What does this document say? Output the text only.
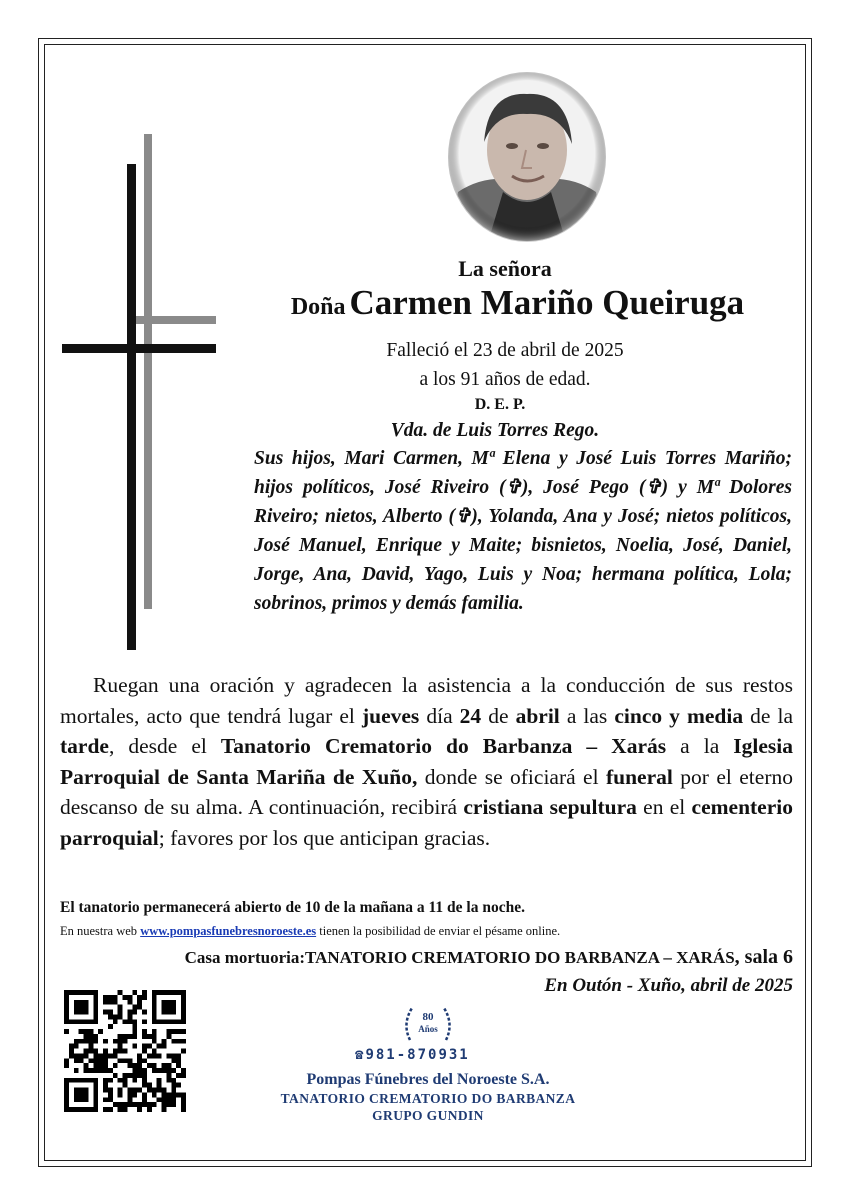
La señora
Doña Carmen Mariño Queiruga
Falleció el 23 de abril de 2025
a los 91 años de edad.
D. E. P.
Vda. de Luis Torres Rego.
Sus hijos, Mari Carmen, Mª Elena y José Luis Torres Mariño; hijos políticos, José Riveiro (✞), José Pego (✞) y Mª Dolores Riveiro; nietos, Alberto (✞), Yolanda, Ana y José; nietos políticos, José Manuel, Enrique y Maite; bisnietos, Noelia, José, Daniel, Jorge, Ana, David, Yago, Luis y Noa; hermana política, Lola; sobrinos, primos y demás familia.
Ruegan una oración y agradecen la asistencia a la conducción de sus restos mortales, acto que tendrá lugar el jueves día 24 de abril a las cinco y media de la tarde, desde el Tanatorio Crematorio do Barbanza – Xarás a la Iglesia Parroquial de Santa Mariña de Xuño, donde se oficiará el funeral por el eterno descanso de su alma. A continuación, recibirá cristiana sepultura en el cementerio parroquial; favores por los que anticipan gracias.
El tanatorio permanecerá abierto de 10 de la mañana a 11 de la noche.
En nuestra web www.pompasfunebresnoroeste.es tienen la posibilidad de enviar el pésame online.
Casa mortuoria:TANATORIO CREMATORIO DO BARBANZA – XARÁS, sala 6
En Outón - Xuño, abril de 2025
80
Años
☎981-870931
Pompas Fúnebres del Noroeste S.A.
TANATORIO CREMATORIO DO BARBANZA
GRUPO GUNDIN
